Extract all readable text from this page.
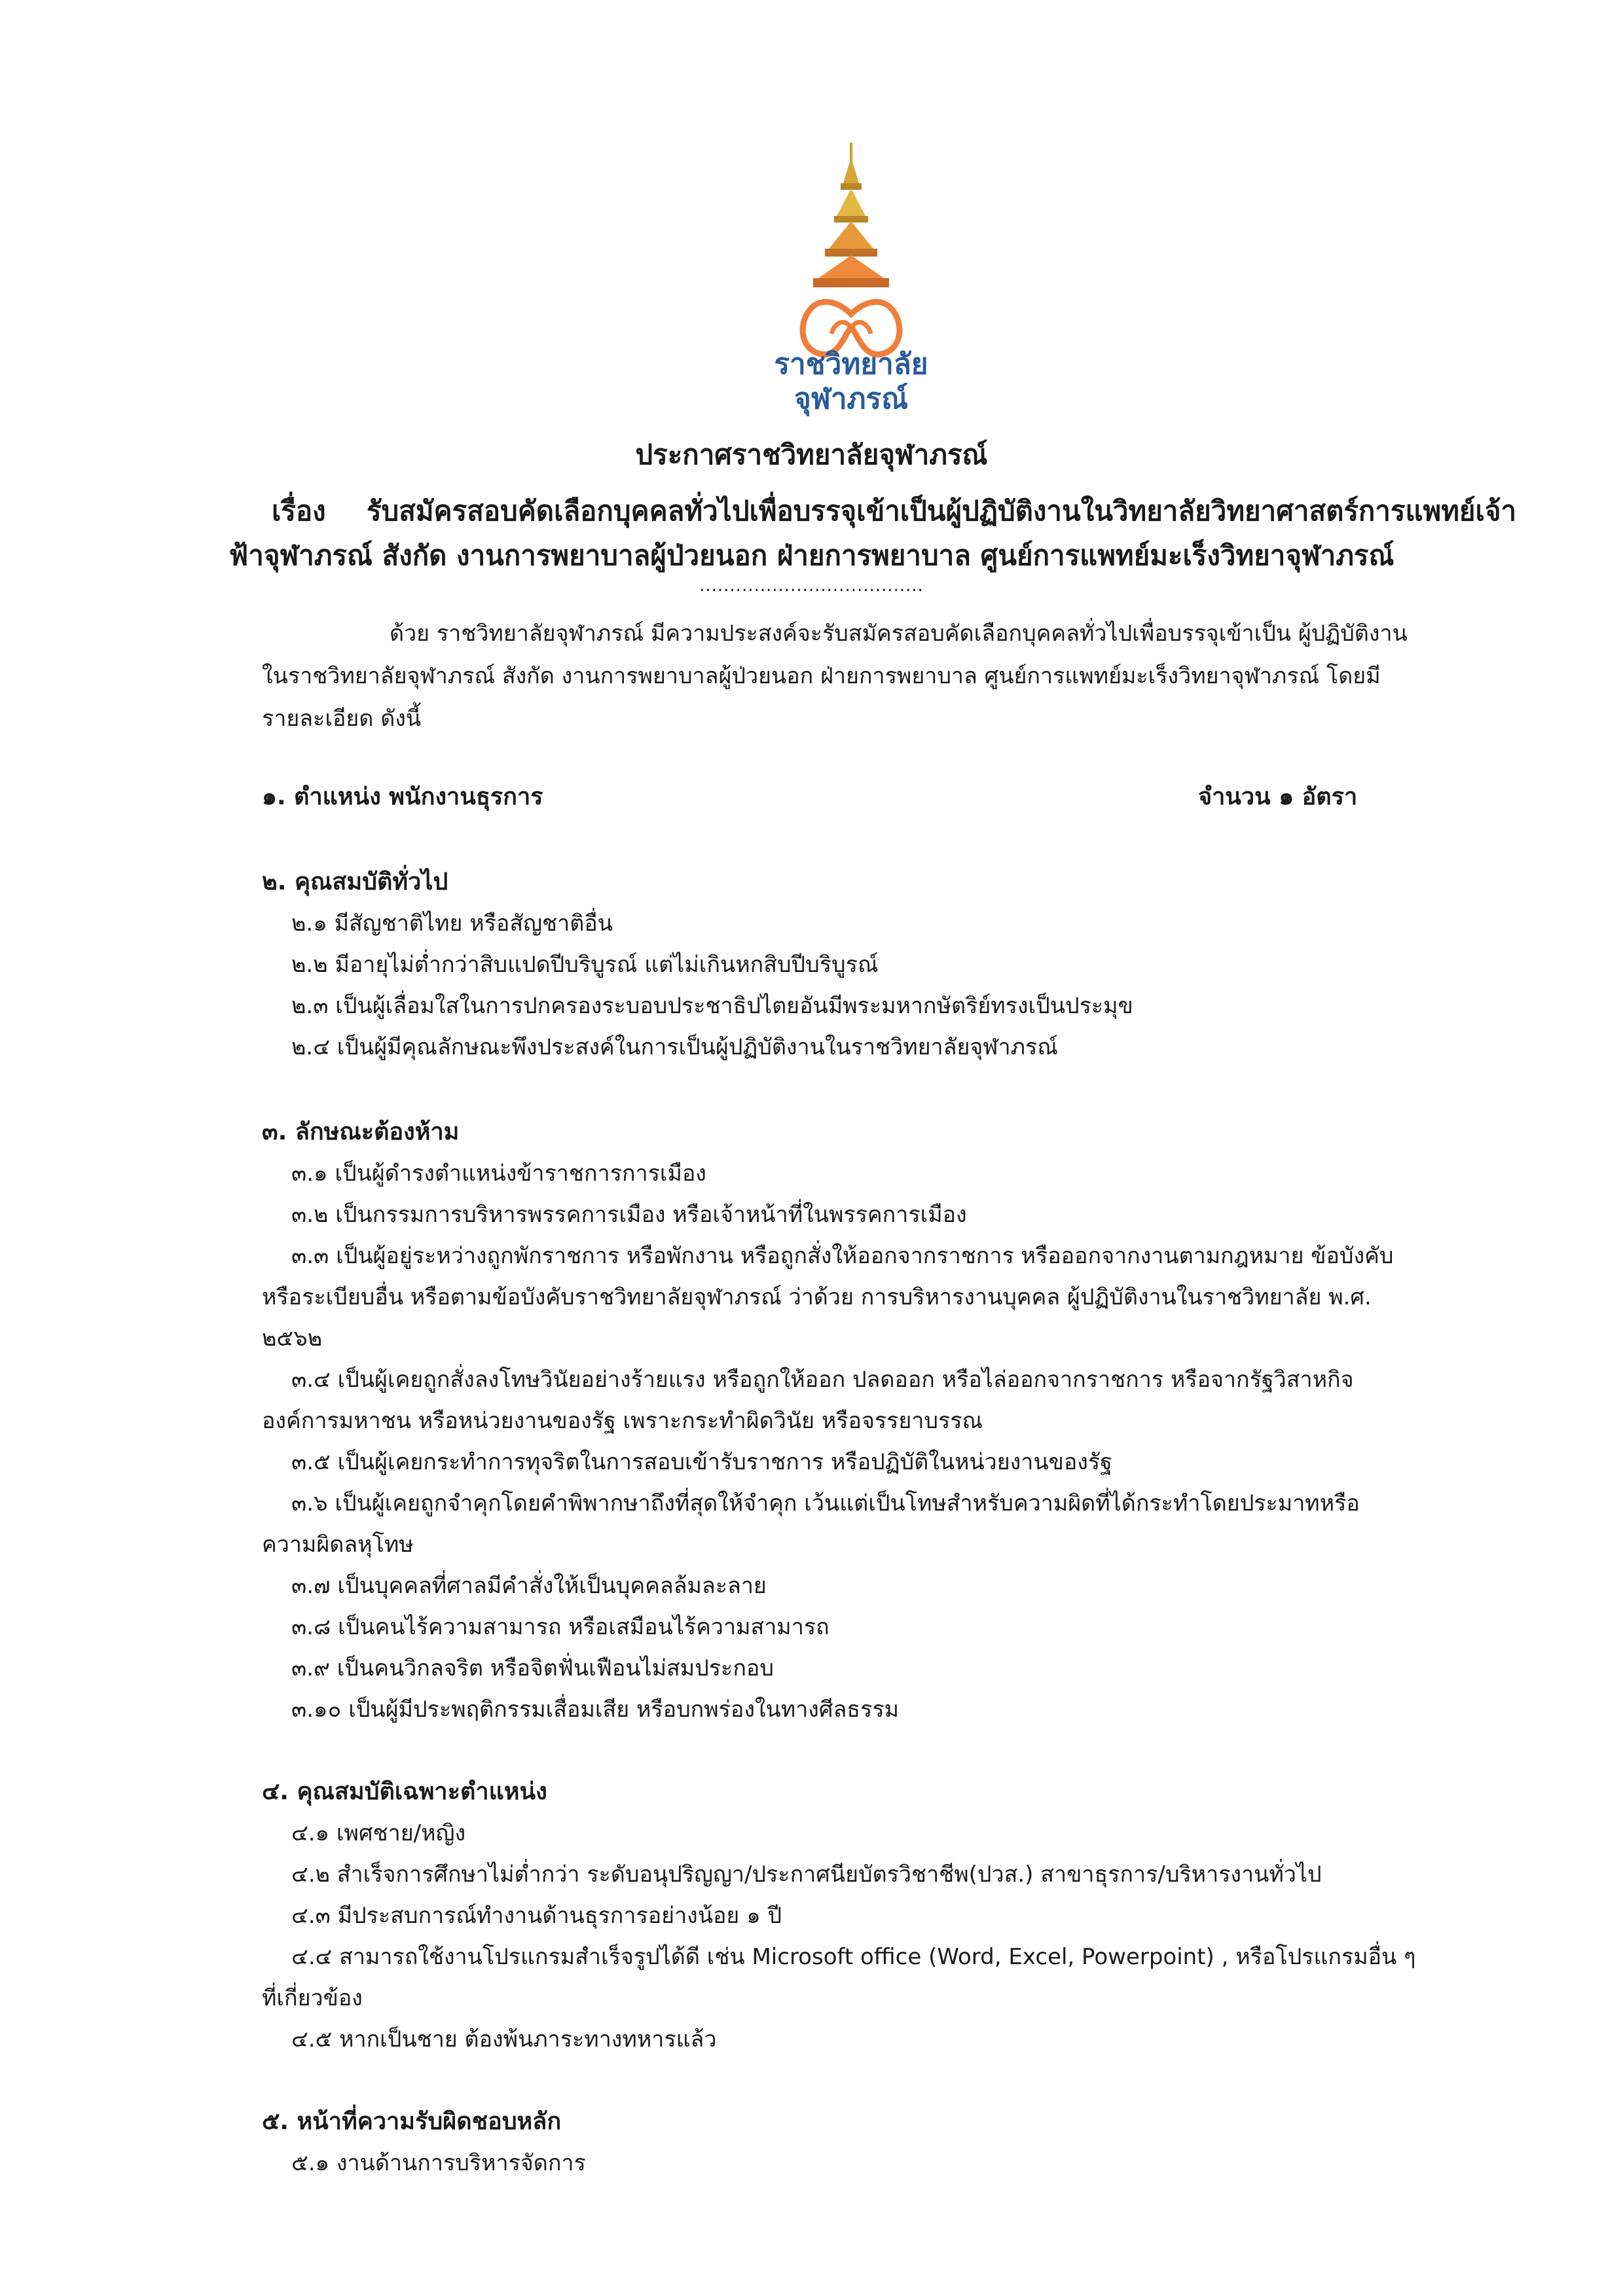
ราชวิทยาลัย
จุฬาภรณ์
ประกาศราชวิทยาลัยจุฬาภรณ์
เรื่อง รับสมัครสอบคัดเลือกบุคคลทั่วไปเพื่อบรรจุเข้าเป็นผู้ปฏิบัติงานในวิทยาลัยวิทยาศาสตร์การแพทย์เจ้า
ฟ้าจุฬาภรณ์ สังกัด งานการพยาบาลผู้ป่วยนอก ฝ่ายการพยาบาล ศูนย์การแพทย์มะเร็งวิทยาจุฬาภรณ์
.....................................
ด้วย ราชวิทยาลัยจุฬาภรณ์ มีความประสงค์จะรับสมัครสอบคัดเลือกบุคคลทั่วไปเพื่อบรรจุเข้าเป็น ผู้ปฏิบัติงาน
ในราชวิทยาลัยจุฬาภรณ์ สังกัด งานการพยาบาลผู้ป่วยนอก ฝ่ายการพยาบาล ศูนย์การแพทย์มะเร็งวิทยาจุฬาภรณ์ โดยมี
รายละเอียด ดังนี้
๑. ตำแหน่ง พนักงานธุรการ	จำนวน ๑ อัตรา
๒. คุณสมบัติทั่วไป
๒.๑ มีสัญชาติไทย หรือสัญชาติอื่น
๒.๒ มีอายุไม่ต่ำกว่าสิบแปดปีบริบูรณ์ แต่ไม่เกินหกสิบปีบริบูรณ์
๒.๓ เป็นผู้เลื่อมใสในการปกครองระบอบประชาธิปไตยอันมีพระมหากษัตริย์ทรงเป็นประมุข
๒.๔ เป็นผู้มีคุณลักษณะพึงประสงค์ในการเป็นผู้ปฏิบัติงานในราชวิทยาลัยจุฬาภรณ์
๓. ลักษณะต้องห้าม
๓.๑ เป็นผู้ดำรงตำแหน่งข้าราชการการเมือง
๓.๒ เป็นกรรมการบริหารพรรคการเมือง หรือเจ้าหน้าที่ในพรรคการเมือง
๓.๓ เป็นผู้อยู่ระหว่างถูกพักราชการ หรือพักงาน หรือถูกสั่งให้ออกจากราชการ หรือออกจากงานตามกฎหมาย ข้อบังคับ
หรือระเบียบอื่น หรือตามข้อบังคับราชวิทยาลัยจุฬาภรณ์ ว่าด้วย การบริหารงานบุคคล ผู้ปฏิบัติงานในราชวิทยาลัย พ.ศ.
๒๕๖๒
๓.๔ เป็นผู้เคยถูกสั่งลงโทษวินัยอย่างร้ายแรง หรือถูกให้ออก ปลดออก หรือไล่ออกจากราชการ หรือจากรัฐวิสาหกิจ
องค์การมหาชน หรือหน่วยงานของรัฐ เพราะกระทำผิดวินัย หรือจรรยาบรรณ
๓.๕ เป็นผู้เคยกระทำการทุจริตในการสอบเข้ารับราชการ หรือปฏิบัติในหน่วยงานของรัฐ
๓.๖ เป็นผู้เคยถูกจำคุกโดยคำพิพากษาถึงที่สุดให้จำคุก เว้นแต่เป็นโทษสำหรับความผิดที่ได้กระทำโดยประมาทหรือ
ความผิดลหุโทษ
๓.๗ เป็นบุคคลที่ศาลมีคำสั่งให้เป็นบุคคลล้มละลาย
๓.๘ เป็นคนไร้ความสามารถ หรือเสมือนไร้ความสามารถ
๓.๙ เป็นคนวิกลจริต หรือจิตฟั่นเฟือนไม่สมประกอบ
๓.๑๐ เป็นผู้มีประพฤติกรรมเสื่อมเสีย หรือบกพร่องในทางศีลธรรม
๔. คุณสมบัติเฉพาะตำแหน่ง
๔.๑ เพศชาย/หญิง
๔.๒ สำเร็จการศึกษาไม่ต่ำกว่า ระดับอนุปริญญา/ประกาศนียบัตรวิชาชีพ(ปวส.) สาขาธุรการ/บริหารงานทั่วไป
๔.๓ มีประสบการณ์ทำงานด้านธุรการอย่างน้อย ๑ ปี
๔.๔ สามารถใช้งานโปรแกรมสำเร็จรูปได้ดี เช่น Microsoft office (Word, Excel, Powerpoint) , หรือโปรแกรมอื่น ๆ
ที่เกี่ยวข้อง
๔.๕ หากเป็นชาย ต้องพ้นภาระทางทหารแล้ว
๕. หน้าที่ความรับผิดชอบหลัก
๕.๑ งานด้านการบริหารจัดการ
